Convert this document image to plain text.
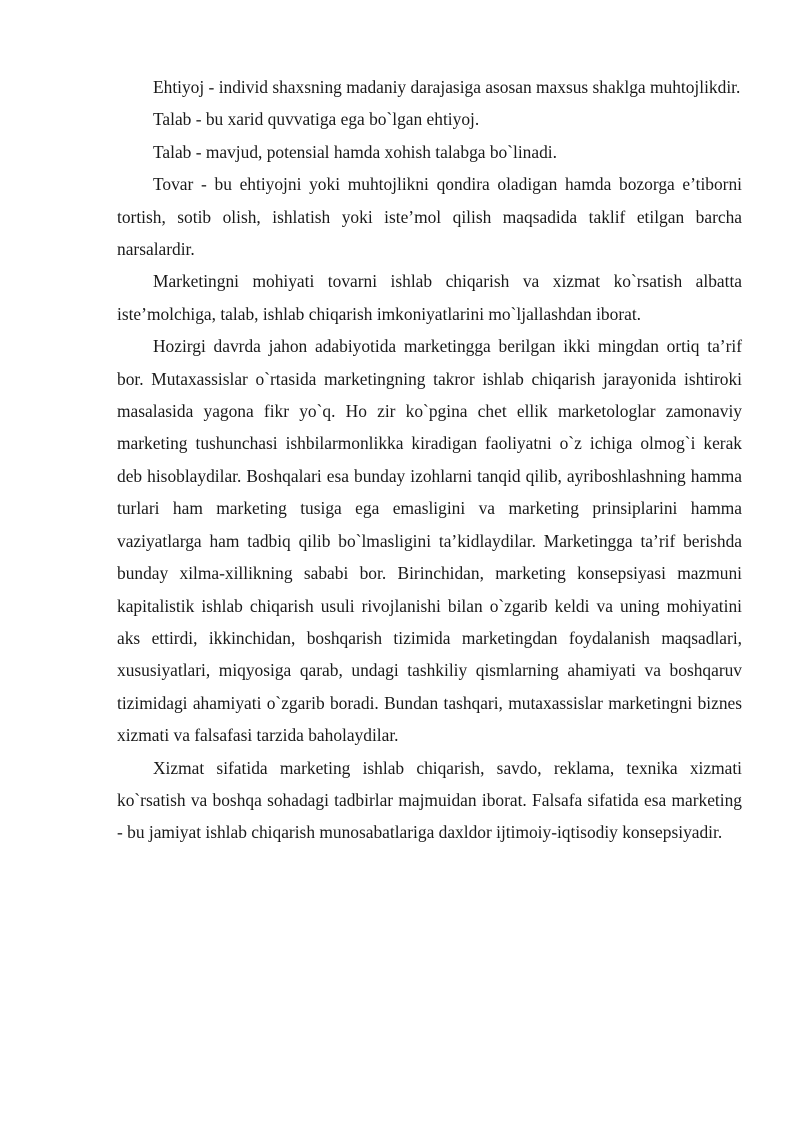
Ehtiyoj - individ shaxsning madaniy darajasiga asosan maxsus shaklga muhtojlikdir.

Talab - bu xarid quvvatiga ega bo`lgan ehtiyoj.

Talab - mavjud, potensial hamda xohish talabga bo`linadi.

Tovar - bu ehtiyojni yoki muhtojlikni qondira oladigan hamda bozorga e’tiborni tortish, sotib olish, ishlatish yoki iste’mol qilish maqsadida taklif etilgan barcha narsalardir.

Marketingni mohiyati tovarni ishlab chiqarish va xizmat ko`rsatish albatta iste’molchiga, talab, ishlab chiqarish imkoniyatlarini mo`ljallashdan iborat.

Hozirgi davrda jahon adabiyotida marketingga berilgan ikki mingdan ortiq ta’rif bor. Mutaxassislar o`rtasida marketingning takror ishlab chiqarish jarayonida ishtiroki masalasida yagona fikr yo`q. Ho zir ko`pgina chet ellik marketologlar zamonaviy marketing tushunchasi ishbilarmonlikka kiradigan faoliyatni o`z ichiga olmog`i kerak deb hisoblaydilar. Boshqalari esa bunday izohlarni tanqid qilib, ayriboshlashning hamma turlari ham marketing tusiga ega emasligini va marketing prinsiplarini hamma vaziyatlarga ham tadbiq qilib bo`lmasligini ta’kidlaydilar. Marketingga ta’rif berishda bunday xilma-xillikning sababi bor. Birinchidan, marketing konsepsiyasi mazmuni kapitalistik ishlab chiqarish usuli rivojlanishi bilan o`zgarib keldi va uning mohiyatini aks ettirdi, ikkinchidan, boshqarish tizimida marketingdan foydalanish maqsadlari, xususiyatlari, miqyosiga qarab, undagi tashkiliy qismlarning ahamiyati va boshqaruv tizimidagi ahamiyati o`zgarib boradi. Bundan tashqari, mutaxassislar marketingni biznes xizmati va falsafasi tarzida baholaydilar.

Xizmat sifatida marketing ishlab chiqarish, savdo, reklama, texnika xizmati ko`rsatish va boshqa sohadagi tadbirlar majmuidan iborat. Falsafa sifatida esa marketing - bu jamiyat ishlab chiqarish munosabatlariga daxldor ijtimoiy-iqtisodiy konsepsiyadir.
